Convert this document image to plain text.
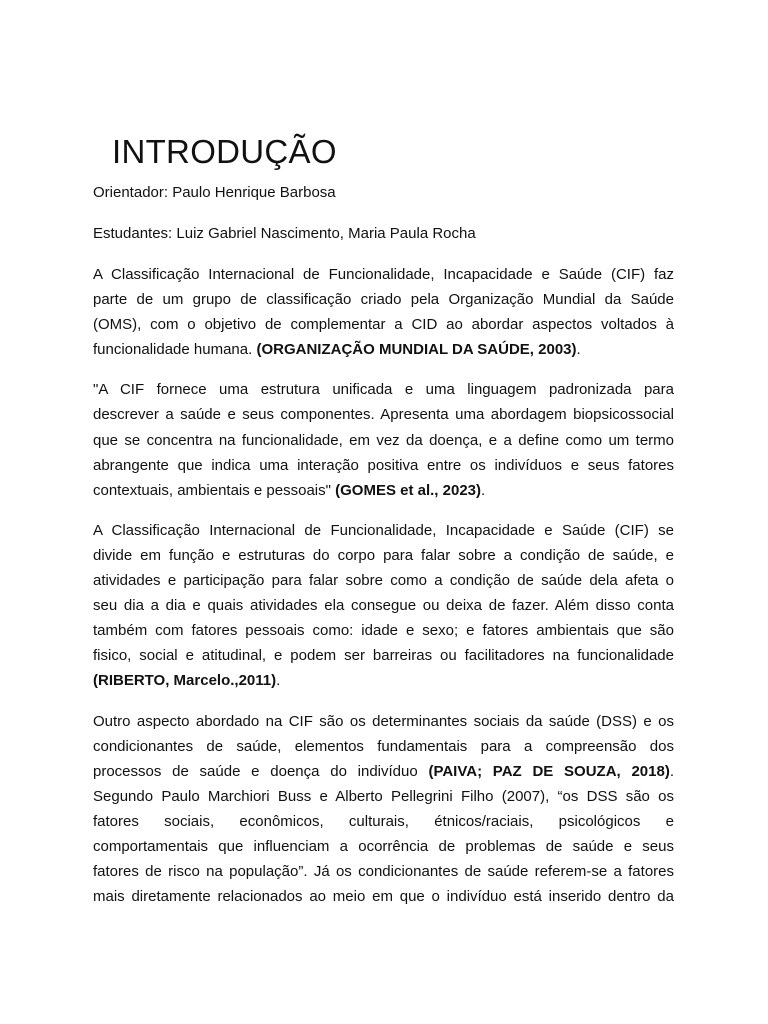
INTRODUÇÃO

Orientador: Paulo Henrique Barbosa

Estudantes: Luiz Gabriel Nascimento, Maria Paula Rocha

A Classificação Internacional de Funcionalidade, Incapacidade e Saúde (CIF) faz
parte de um grupo de classificação criado pela Organização Mundial da Saúde
(OMS), com o objetivo de complementar a CID ao abordar aspectos voltados à
funcionalidade humana. (ORGANIZAÇÃO MUNDIAL DA SAÚDE, 2003).
"A CIF fornece uma estrutura unificada e uma linguagem padronizada para
descrever a saúde e seus componentes. Apresenta uma abordagem biopsicossocial
que se concentra na funcionalidade, em vez da doença, e a define como um termo
abrangente que indica uma interação positiva entre os indivíduos e seus fatores
contextuais, ambientais e pessoais" (GOMES et al., 2023).
A Classificação Internacional de Funcionalidade, Incapacidade e Saúde (CIF) se
divide em função e estruturas do corpo para falar sobre a condição de saúde, e
atividades e participação para falar sobre como a condição de saúde dela afeta o
seu dia a dia e quais atividades ela consegue ou deixa de fazer. Além disso conta
também com fatores pessoais como: idade e sexo; e fatores ambientais que são
fisico, social e atitudinal, e podem ser barreiras ou facilitadores na funcionalidade
(RIBERTO, Marcelo.,2011).
Outro aspecto abordado na CIF são os determinantes sociais da saúde (DSS) e os
condicionantes de saúde, elementos fundamentais para a compreensão dos
processos de saúde e doença do indivíduo (PAIVA; PAZ DE SOUZA, 2018).
Segundo Paulo Marchiori Buss e Alberto Pellegrini Filho (2007), “os DSS são os
fatores sociais, econômicos, culturais, étnicos/raciais, psicológicos e
comportamentais que influenciam a ocorrência de problemas de saúde e seus
fatores de risco na população”. Já os condicionantes de saúde referem-se a fatores
mais diretamente relacionados ao meio em que o indivíduo está inserido dentro da
